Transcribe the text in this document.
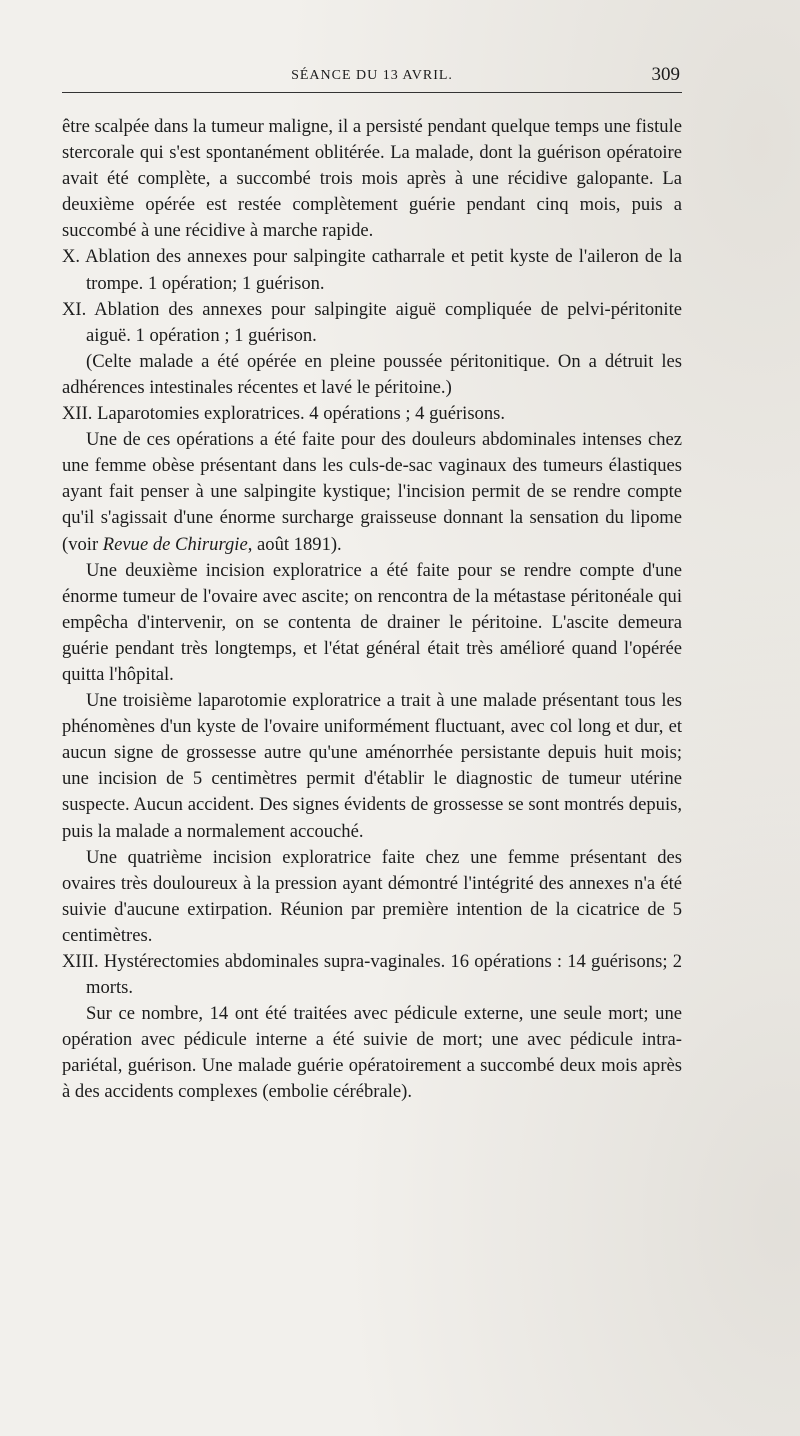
SÉANCE DU 13 AVRIL.	309

être scalpée dans la tumeur maligne, il a persisté pendant quelque temps une fistule stercorale qui s'est spontanément oblitérée. La malade, dont la guérison opératoire avait été complète, a succombé trois mois après à une récidive galopante. La deuxième opérée est restée complètement guérie pendant cinq mois, puis a succombé à une récidive à marche rapide.

X. Ablation des annexes pour salpingite catharrale et petit kyste de l'aileron de la trompe. 1 opération; 1 guérison.

XI. Ablation des annexes pour salpingite aiguë compliquée de pelvi-péritonite aiguë. 1 opération ; 1 guérison.

(Celte malade a été opérée en pleine poussée péritonitique. On a détruit les adhérences intestinales récentes et lavé le péritoine.)

XII. Laparotomies exploratrices. 4 opérations ; 4 guérisons.

Une de ces opérations a été faite pour des douleurs abdominales intenses chez une femme obèse présentant dans les culs-de-sac vaginaux des tumeurs élastiques ayant fait penser à une salpingite kystique; l'incision permit de se rendre compte qu'il s'agissait d'une énorme surcharge graisseuse donnant la sensation du lipome (voir Revue de Chirurgie, août 1891).

Une deuxième incision exploratrice a été faite pour se rendre compte d'une énorme tumeur de l'ovaire avec ascite; on rencontra de la métastase péritonéale qui empêcha d'intervenir, on se contenta de drainer le péritoine. L'ascite demeura guérie pendant très longtemps, et l'état général était très amélioré quand l'opérée quitta l'hôpital.

Une troisième laparotomie exploratrice a trait à une malade présentant tous les phénomènes d'un kyste de l'ovaire uniformément fluctuant, avec col long et dur, et aucun signe de grossesse autre qu'une aménorrhée persistante depuis huit mois; une incision de 5 centimètres permit d'établir le diagnostic de tumeur utérine suspecte. Aucun accident. Des signes évidents de grossesse se sont montrés depuis, puis la malade a normalement accouché.

Une quatrième incision exploratrice faite chez une femme présentant des ovaires très douloureux à la pression ayant démontré l'intégrité des annexes n'a été suivie d'aucune extirpation. Réunion par première intention de la cicatrice de 5 centimètres.

XIII. Hystérectomies abdominales supra-vaginales. 16 opérations : 14 guérisons; 2 morts.

Sur ce nombre, 14 ont été traitées avec pédicule externe, une seule mort; une opération avec pédicule interne a été suivie de mort; une avec pédicule intra-pariétal, guérison. Une malade guérie opératoirement a succombé deux mois après à des accidents complexes (embolie cérébrale).
